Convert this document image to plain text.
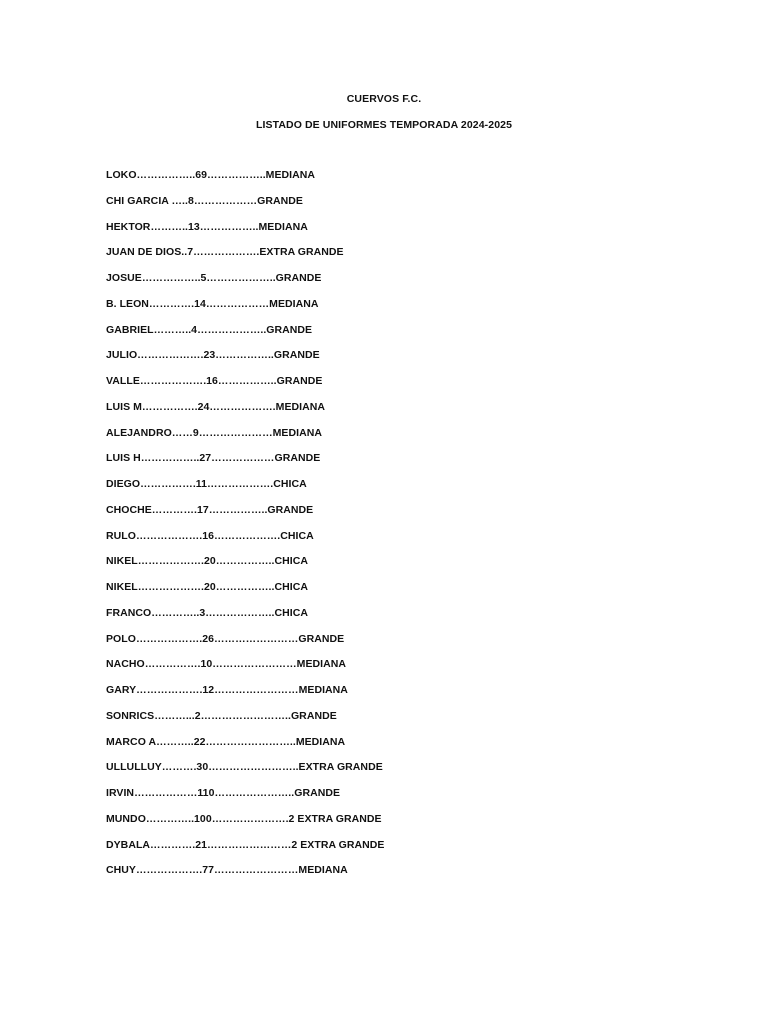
CUERVOS F.C.
LISTADO DE UNIFORMES TEMPORADA 2024-2025
LOKO……………..69……………..MEDIANA
CHI GARCIA …..8………………GRANDE
HEKTOR………..13……………..MEDIANA
JUAN DE DIOS..7……………….EXTRA GRANDE
JOSUE……………..5………………..GRANDE
B. LEON………….14………………MEDIANA
GABRIEL………..4………………..GRANDE
JULIO……………….23……………..GRANDE
VALLE……………….16……………..GRANDE
LUIS M…………….24……………….MEDIANA
ALEJANDRO……9…………………MEDIANA
LUIS H……………..27………………GRANDE
DIEGO…………….11……………….CHICA
CHOCHE………….17……………..GRANDE
RULO……………….16……………….CHICA
NIKEL……………….20……………..CHICA
NIKEL……………….20……………..CHICA
FRANCO…………..3………………..CHICA
POLO……………….26……………………GRANDE
NACHO…………….10……………………MEDIANA
GARY……………….12……………………MEDIANA
SONRICS………...2……………………..GRANDE
MARCO A………..22……………………..MEDIANA
ULLULLUY……….30……………………..EXTRA GRANDE
IRVIN………………110…………………..GRANDE
MUNDO…………..100………………….2 EXTRA GRANDE
DYBALA………….21……………………2 EXTRA GRANDE
CHUY……………….77……………………MEDIANA
